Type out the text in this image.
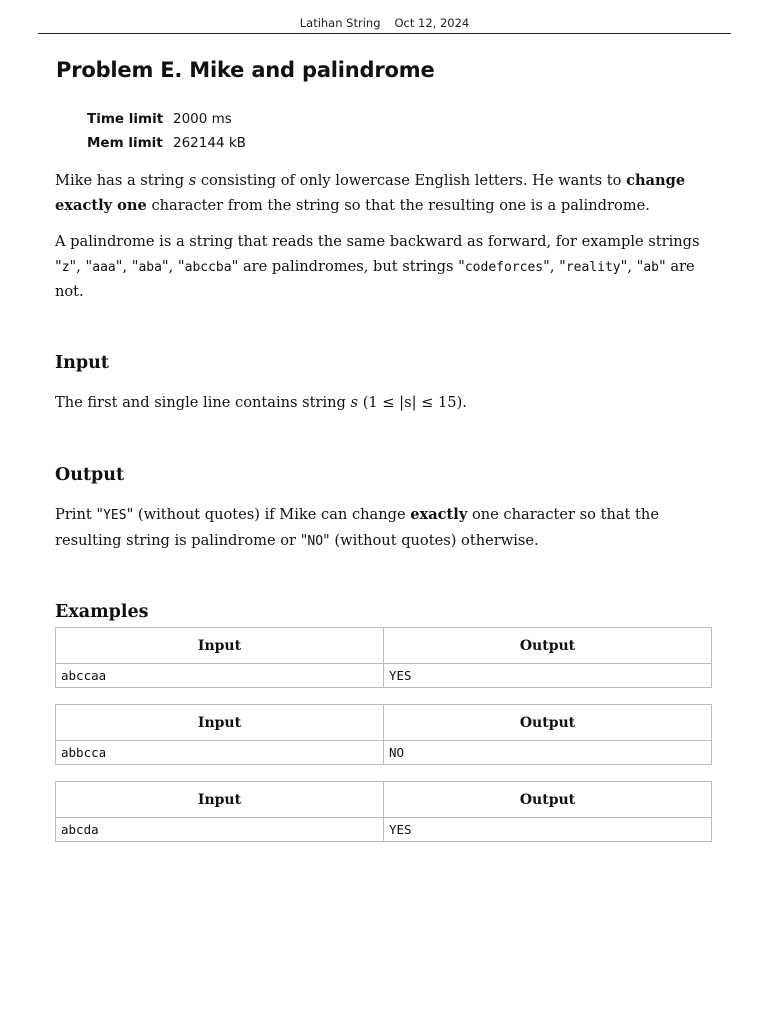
Latihan String Oct 12, 2024
Problem E. Mike and palindrome
Time limit 2000 ms
Mem limit 262144 kB

Mike has a string s consisting of only lowercase English letters. He wants to change exactly one character from the string so that the resulting one is a palindrome.

A palindrome is a string that reads the same backward as forward, for example strings "z", "aaa", "aba", "abccba" are palindromes, but strings "codeforces", "reality", "ab" are not.

Input

The first and single line contains string s (1 ≤ |s| ≤ 15).

Output

Print "YES" (without quotes) if Mike can change exactly one character so that the resulting string is palindrome or "NO" (without quotes) otherwise.

Examples
Input	Output
abccaa	YES
Input	Output
abbcca	NO
Input	Output
abcda	YES
